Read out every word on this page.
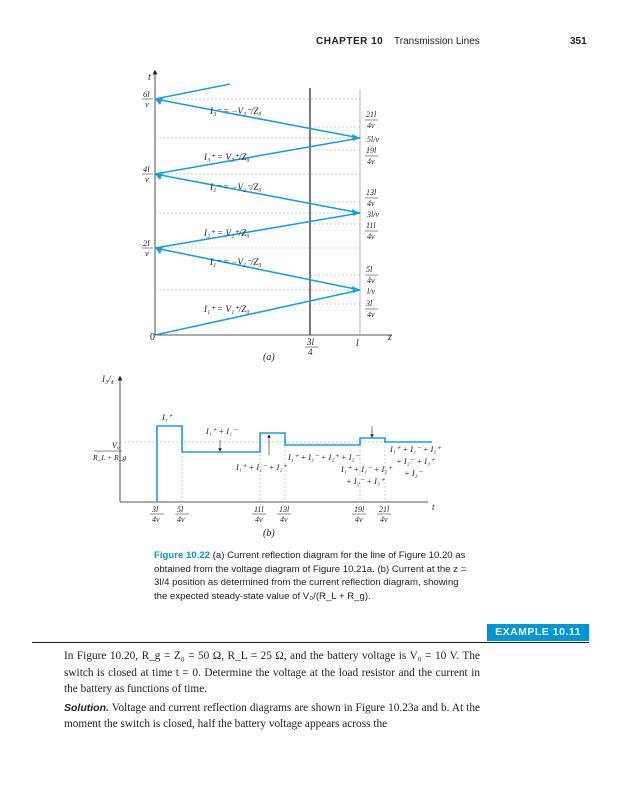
CHAPTER 10 Transmission Lines	351
t
z
0	3l
4
l
6l
v
4l
v
2l
v
21l
4v
5l/v
19l
4v
13l
4v
3l/v
11l
4v
5l
4v
l/v
3l
4v
I₃⁻ = −V₃⁻/Z₀
I₃⁺ = V₃⁺/Z₀
I₂⁻ = −V₂⁻/Z₀
I₂⁺ = V₂⁺/Z₀
I₁⁻ = −V₁⁻/Z₀
I₁⁺ = V₁⁺/Z₀
(a)
I₃/₄
t
V₀
R_L + R_g
I₁⁺
I₁⁺ + I₁⁻
I₁⁺ + I₁⁻ + I₂⁺
I₁⁺ + I₁⁻ + I₂⁺ + I₂⁻
I₁⁺ + I₁⁻ + I₂⁺
+ I₂⁻ + I₃⁺
I₁⁺ + I₁⁻ + I₂⁺
+ I₂⁻ + I₃⁺
+ I₃⁻
3l
4v
5l
4v
11l
4v
13l
4v
19l
4v
21l
4v
(b)
Figure 10.22 (a) Current reflection diagram for the line of Figure 10.20 as obtained from the voltage diagram of Figure 10.21a. (b) Current at the z = 3l/4 position as determined from the current reflection diagram, showing the expected steady-state value of V₀/(R_L + R_g).
EXAMPLE 10.11

In Figure 10.20, R_g = Z₀ = 50 Ω, R_L = 25 Ω, and the battery voltage is V₀ = 10 V. The switch is closed at time t = 0. Determine the voltage at the load resistor and the current in the battery as functions of time.

Solution. Voltage and current reflection diagrams are shown in Figure 10.23a and b. At the moment the switch is closed, half the battery voltage appears across the
